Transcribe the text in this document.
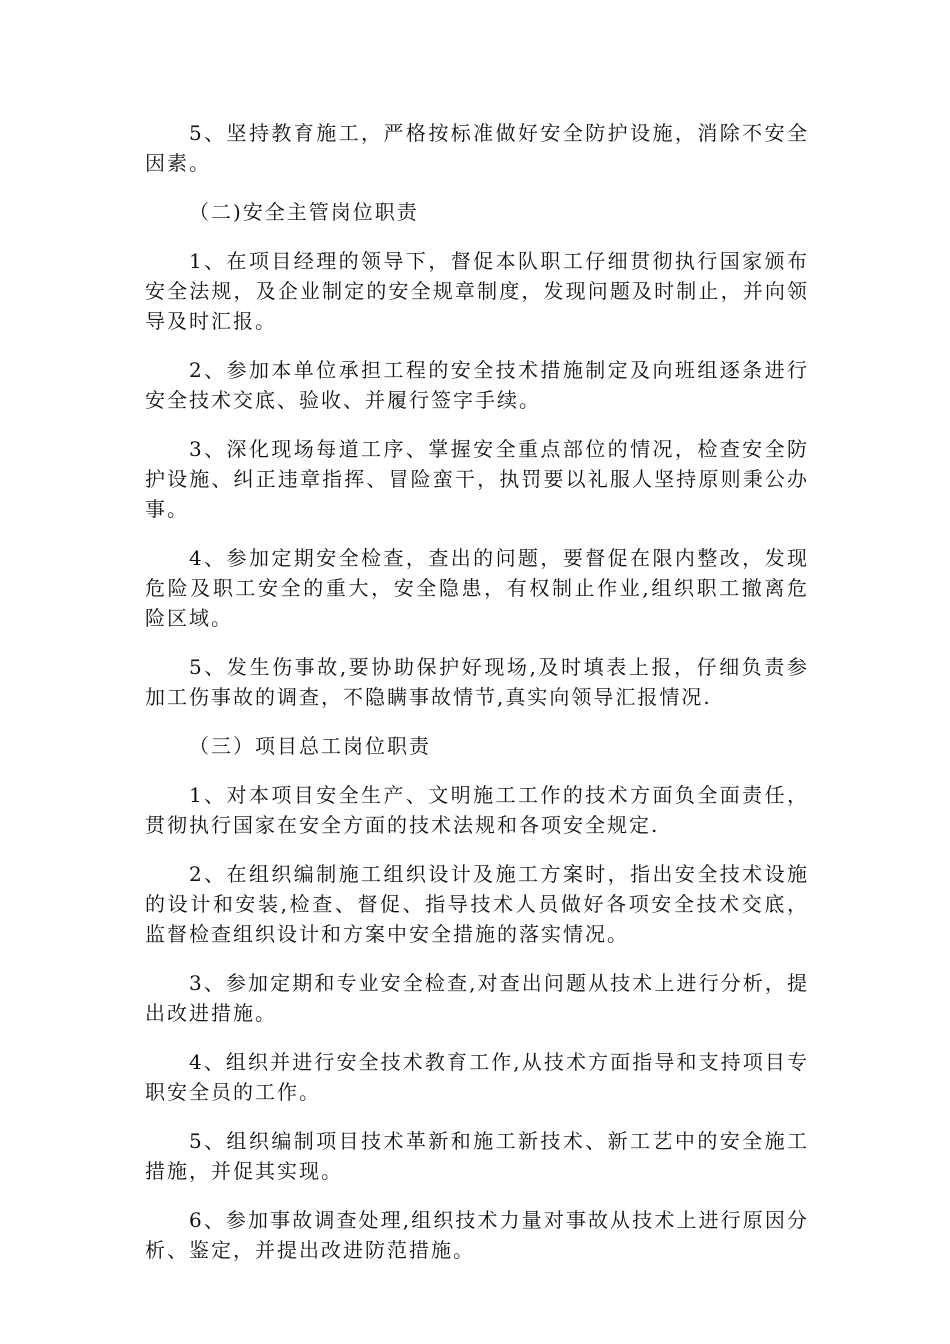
5、坚持教育施工，严格按标准做好安全防护设施，消除不安全因素。

（二)安全主管岗位职责

1、在项目经理的领导下，督促本队职工仔细贯彻执行国家颁布安全法规，及企业制定的安全规章制度，发现问题及时制止，并向领导及时汇报。

2、参加本单位承担工程的安全技术措施制定及向班组逐条进行安全技术交底、验收、并履行签字手续。

3、深化现场每道工序、掌握安全重点部位的情况，检查安全防护设施、纠正违章指挥、冒险蛮干，执罚要以礼服人坚持原则秉公办事。

4、参加定期安全检查，查出的问题，要督促在限内整改，发现危险及职工安全的重大，安全隐患，有权制止作业,组织职工撤离危险区域。

5、发生伤事故,要协助保护好现场,及时填表上报，仔细负责参加工伤事故的调查，不隐瞒事故情节,真实向领导汇报情况.

（三）项目总工岗位职责

1、对本项目安全生产、文明施工工作的技术方面负全面责任，贯彻执行国家在安全方面的技术法规和各项安全规定.

2、在组织编制施工组织设计及施工方案时，指出安全技术设施的设计和安装,检查、督促、指导技术人员做好各项安全技术交底，监督检查组织设计和方案中安全措施的落实情况。

3、参加定期和专业安全检查,对查出问题从技术上进行分析，提出改进措施。

4、组织并进行安全技术教育工作,从技术方面指导和支持项目专职安全员的工作。

5、组织编制项目技术革新和施工新技术、新工艺中的安全施工措施，并促其实现。

6、参加事故调查处理,组织技术力量对事故从技术上进行原因分析、鉴定，并提出改进防范措施。
